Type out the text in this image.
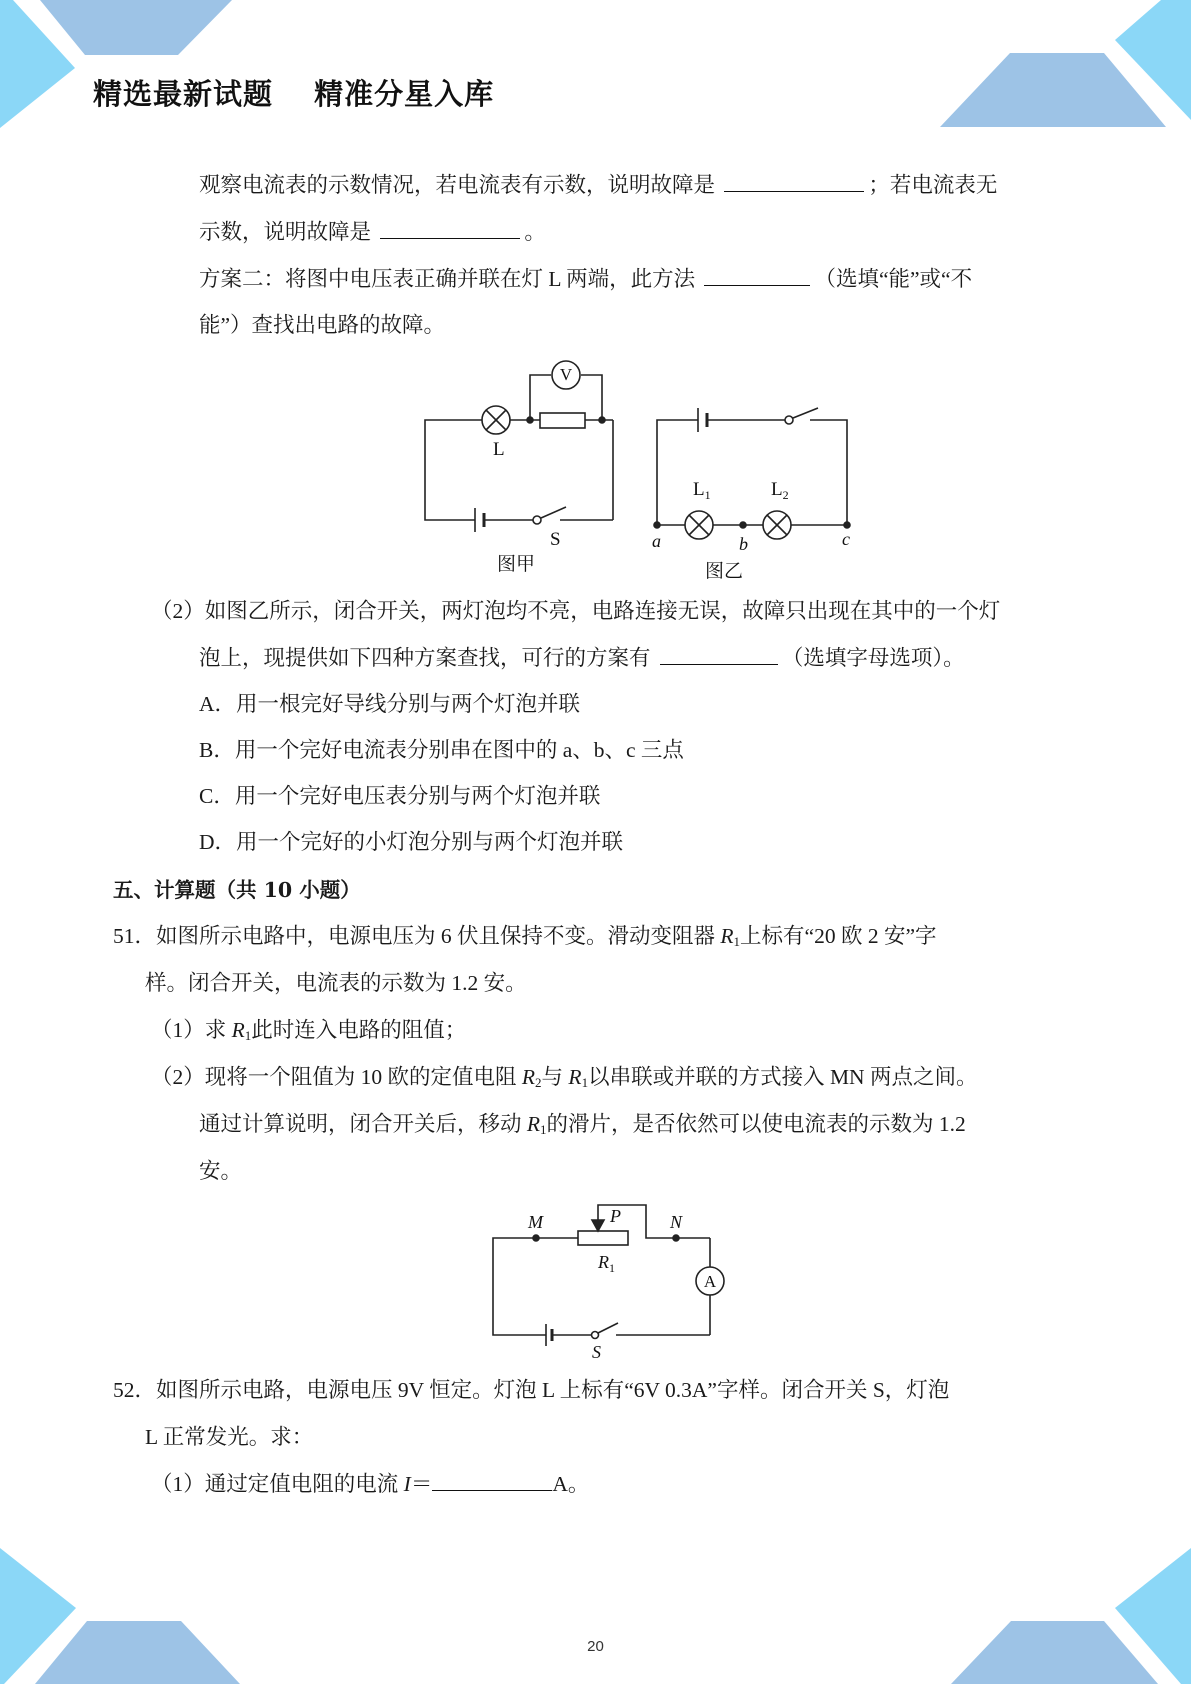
精选最新试题　 精准分星入库
观察电流表的示数情况，若电流表有示数，说明故障是	；若电流表无
示数，说明故障是	。
方案二：将图中电压表正确并联在灯 L 两端，此方法	（选填“能”或“不
能”）查找出电路的故障。
V
L
S
图甲
$L_1$	$L_2$
a	b	c
图乙
（2）如图乙所示，闭合开关，两灯泡均不亮，电路连接无误，故障只出现在其中的一个灯
泡上，现提供如下四种方案查找，可行的方案有	（选填字母选项）。
A．用一根完好导线分别与两个灯泡并联
B．用一个完好电流表分别串在图中的 a、b、c 三点
C．用一个完好电压表分别与两个灯泡并联
D．用一个完好的小灯泡分别与两个灯泡并联
五、计算题（共 10 小题）
51．如图所示电路中，电源电压为 6 伏且保持不变。滑动变阻器 $R_1$上标有“20 欧 2 安”字
样。闭合开关，电流表的示数为 1.2 安。
（1）求 $R_1$此时连入电路的阻值；
（2）现将一个阻值为 10 欧的定值电阻 $R_2$与 $R_1$以串联或并联的方式接入 MN 两点之间。
通过计算说明，闭合开关后，移动 $R_1$的滑片，是否依然可以使电流表的示数为 1.2
安。
M	N
P
$R_1$
A
S
52．如图所示电路，电源电压 9V 恒定。灯泡 L 上标有“6V 0.3A”字样。闭合开关 S，灯泡
L 正常发光。求：
（1）通过定值电阻的电流 I＝	A。
20
